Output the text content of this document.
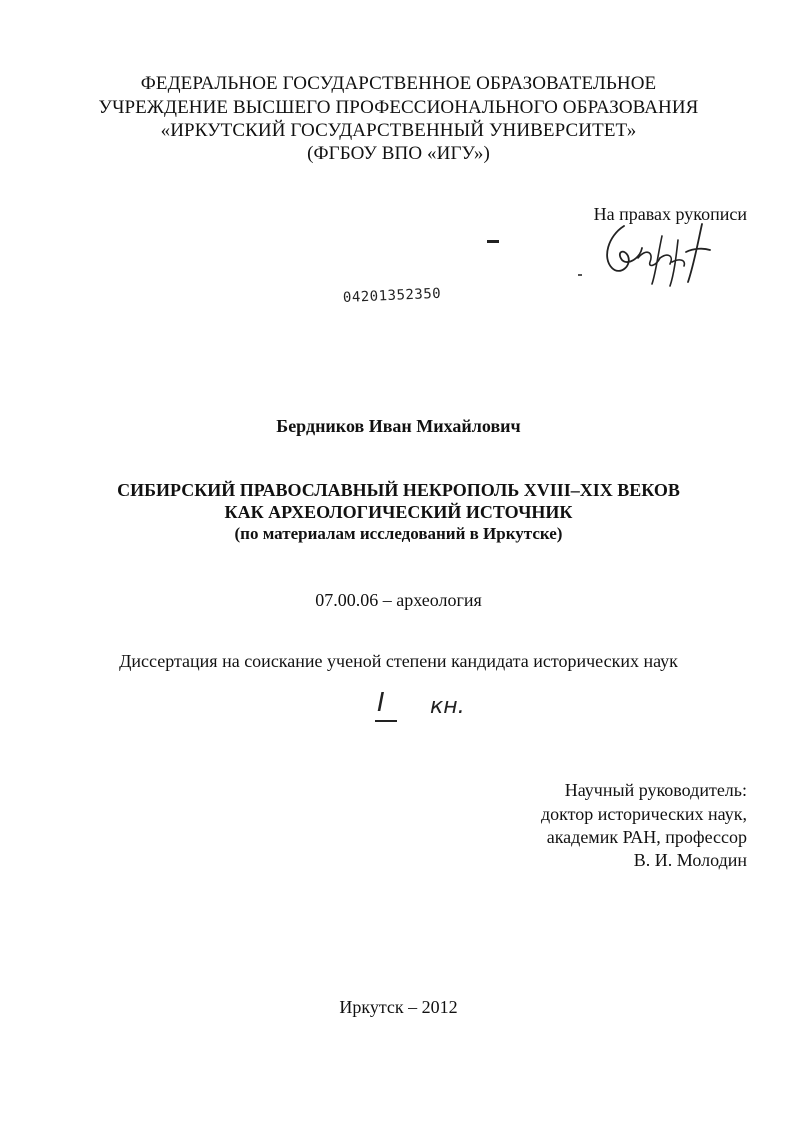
ФЕДЕРАЛЬНОЕ ГОСУДАРСТВЕННОЕ ОБРАЗОВАТЕЛЬНОЕ
УЧРЕЖДЕНИЕ ВЫСШЕГО ПРОФЕССИОНАЛЬНОГО ОБРАЗОВАНИЯ
«ИРКУТСКИЙ ГОСУДАРСТВЕННЫЙ УНИВЕРСИТЕТ»
(ФГБОУ ВПО «ИГУ»)
На правах рукописи
04201352350
Бердников Иван Михайлович
СИБИРСКИЙ ПРАВОСЛАВНЫЙ НЕКРОПОЛЬ XVIII–XIX ВЕКОВ
КАК АРХЕОЛОГИЧЕСКИЙ ИСТОЧНИК
(по материалам исследований в Иркутске)
07.00.06 – археология
Диссертация на соискание ученой степени кандидата исторических наук
I кн.
Научный руководитель:
доктор исторических наук,
академик РАН, профессор
В. И. Молодин
Иркутск – 2012
